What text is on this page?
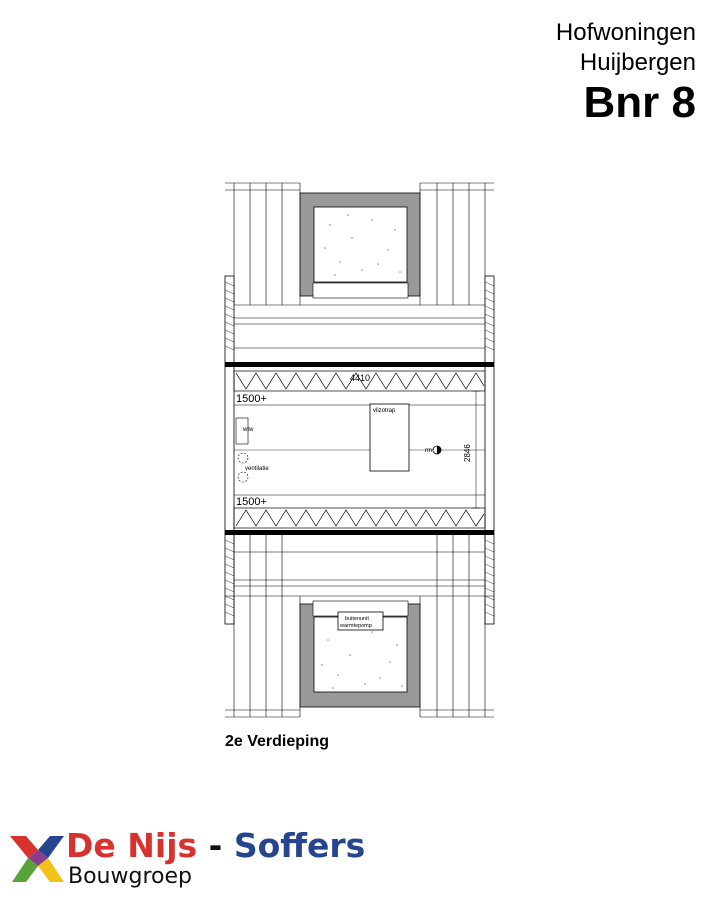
Hofwoningen
Huijbergen
Bnr 8
4410
1500+
1500+
vlizotrap
wtw
ventilatie
rm	2846
buitenunit
warmtepomp
2e Verdieping
De Nijs - Soffers
Bouwgroep
